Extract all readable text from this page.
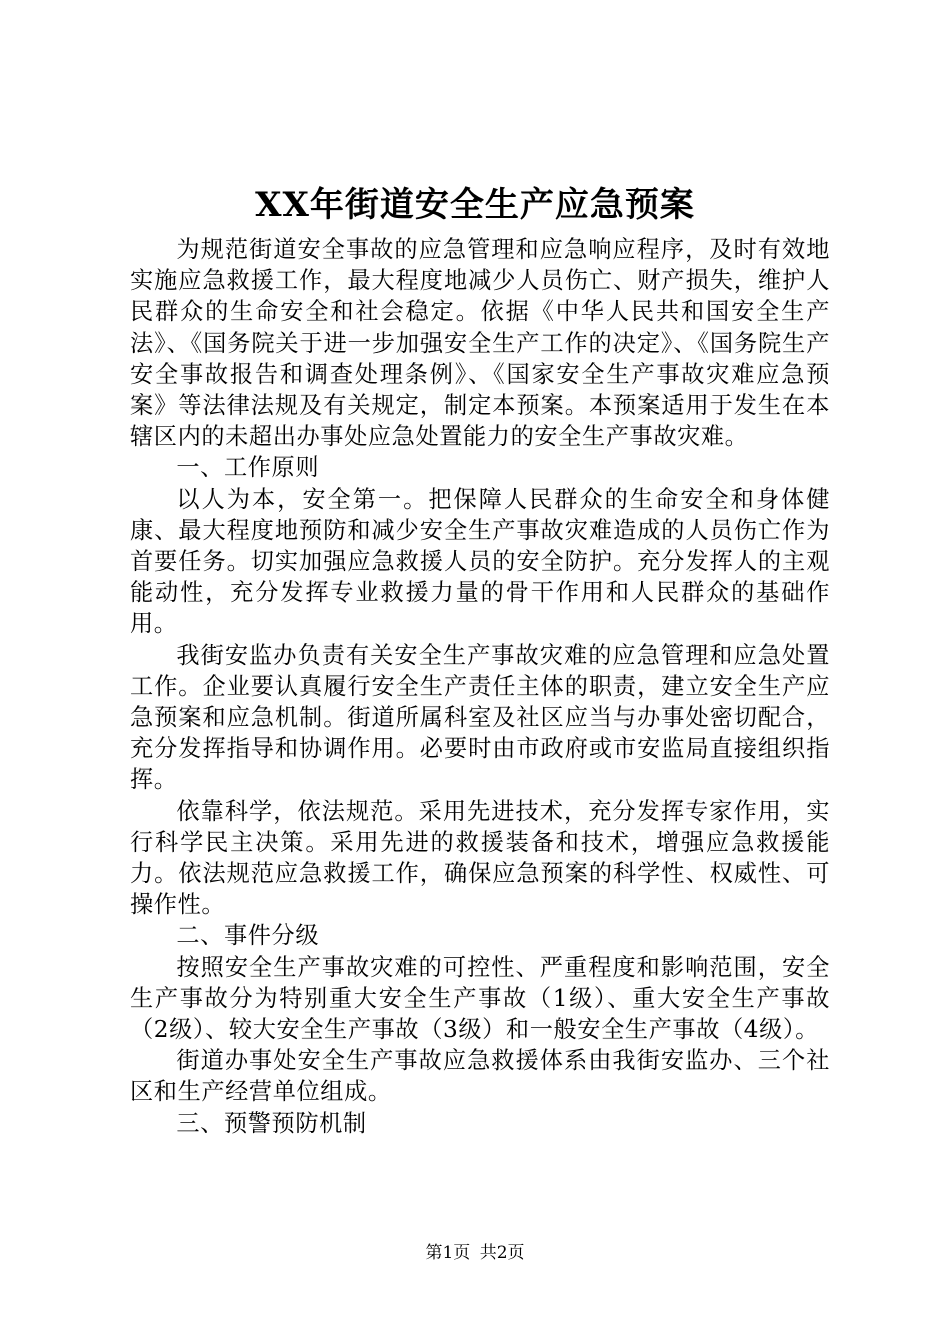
XX年街道安全生产应急预案

为规范街道安全事故的应急管理和应急响应程序，及时有效地实施应急救援工作，最大程度地减少人员伤亡、财产损失，维护人民群众的生命安全和社会稳定。依据《中华人民共和国安全生产法》、《国务院关于进一步加强安全生产工作的决定》、《国务院生产安全事故报告和调查处理条例》、《国家安全生产事故灾难应急预案》等法律法规及有关规定，制定本预案。本预案适用于发生在本辖区内的未超出办事处应急处置能力的安全生产事故灾难。

一、工作原则

以人为本，安全第一。把保障人民群众的生命安全和身体健康、最大程度地预防和减少安全生产事故灾难造成的人员伤亡作为首要任务。切实加强应急救援人员的安全防护。充分发挥人的主观能动性，充分发挥专业救援力量的骨干作用和人民群众的基础作用。

我街安监办负责有关安全生产事故灾难的应急管理和应急处置工作。企业要认真履行安全生产责任主体的职责，建立安全生产应急预案和应急机制。街道所属科室及社区应当与办事处密切配合，充分发挥指导和协调作用。必要时由市政府或市安监局直接组织指挥。

依靠科学，依法规范。采用先进技术，充分发挥专家作用，实行科学民主决策。采用先进的救援装备和技术，增强应急救援能力。依法规范应急救援工作，确保应急预案的科学性、权威性、可操作性。

二、事件分级

按照安全生产事故灾难的可控性、严重程度和影响范围，安全生产事故分为特别重大安全生产事故（1级）、重大安全生产事故（2级）、较大安全生产事故（3级）和一般安全生产事故（4级）。

街道办事处安全生产事故应急救援体系由我街安监办、三个社区和生产经营单位组成。

三、预警预防机制

第1页 共2页
